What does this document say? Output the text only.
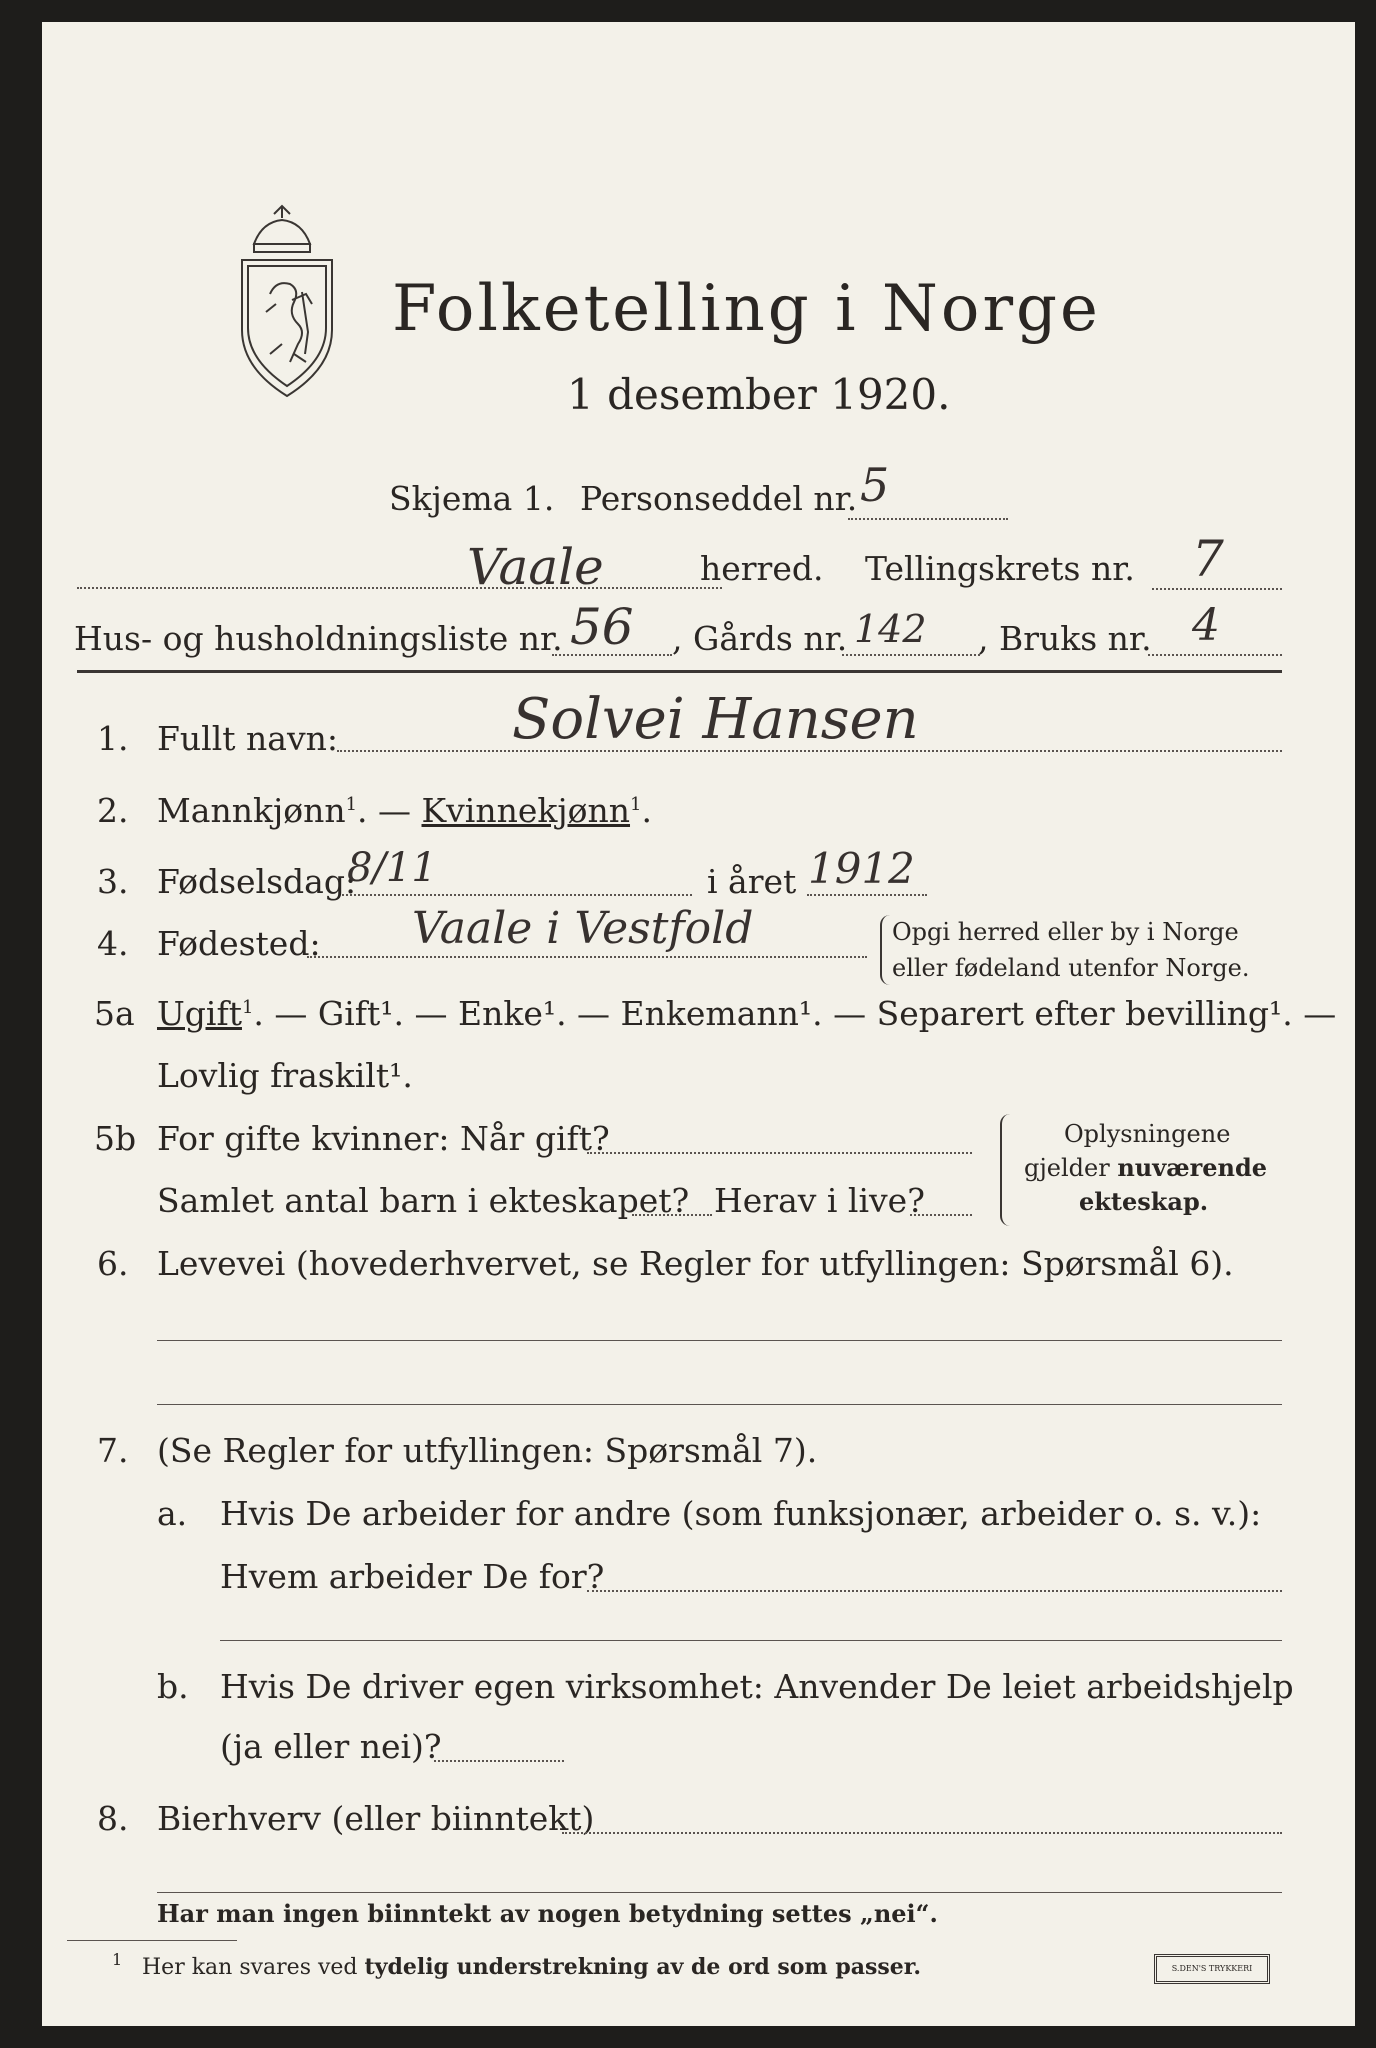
Folketelling i Norge
1 desember 1920.
Skjema 1. Personseddel nr. 5
Vaale	herred. Tellingskrets nr. 7
Hus- og husholdningsliste nr. 56 , Gårds nr. 142 , Bruks nr. 4
1. Fullt navn:	Solvei Hansen
2. Mannkjønn$^1$. — Kvinnekjønn$^1$.
3. Fødselsdag:
8/11	i året 1912
4. Fødested: Vaale i Vestfold	Opgi herred eller by i Norge
eller fødeland utenfor Norge.
5a Ugift$^1$. — Gift¹. — Enke¹. — Enkemann¹. — Separert efter bevilling¹. —
Lovlig fraskilt¹.
5b For gifte kvinner: Når gift?
Samlet antal barn i ekteskapet? Herav i live?
Oplysningene
gjelder nuværende
ekteskap.
6. Levevei (hovederhvervet, se Regler for utfyllingen: Spørsmål 6).
7. (Se Regler for utfyllingen: Spørsmål 7).
a. Hvis De arbeider for andre (som funksjonær, arbeider o. s. v.):
Hvem arbeider De for?
b. Hvis De driver egen virksomhet: Anvender De leiet arbeidshjelp
(ja eller nei)?
8. Bierhverv (eller biinntekt)
Har man ingen biinntekt av nogen betydning settes „nei“.
1 Her kan svares ved tydelig understrekning av de ord som passer.	S.DEN'S TRYKKERI
